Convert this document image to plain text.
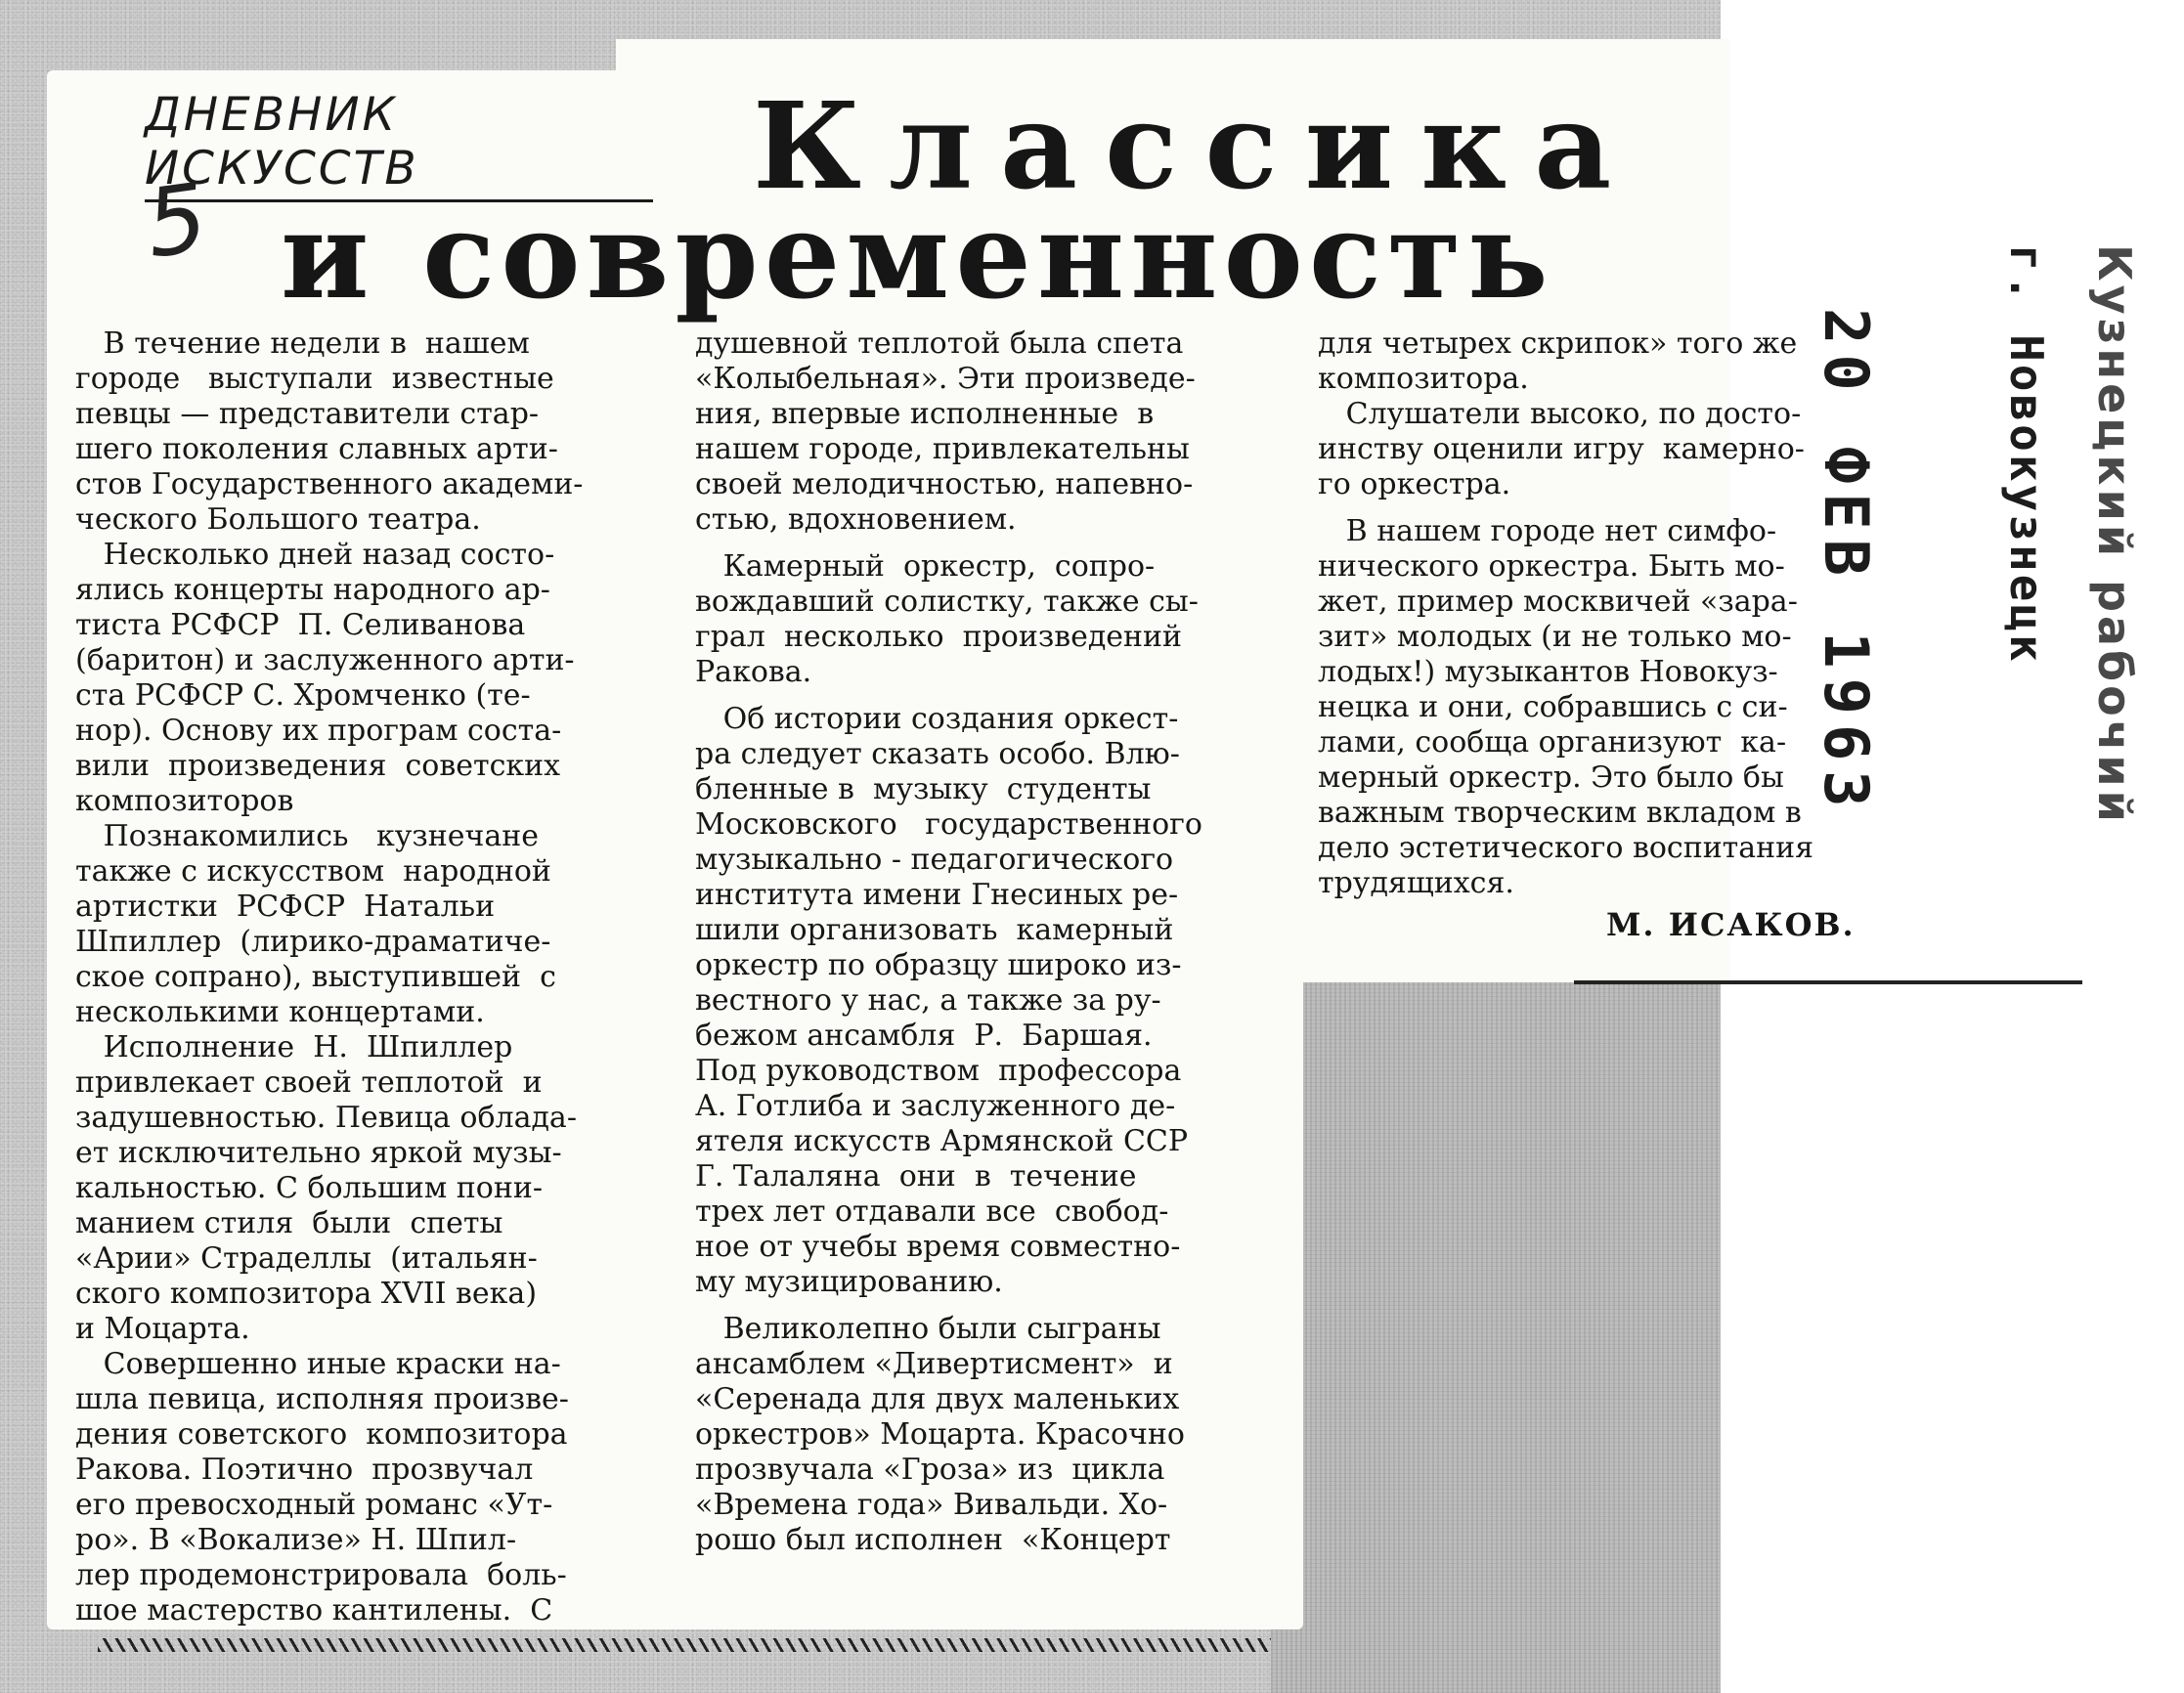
ДНЕВНИК ИСКУССТВ
5
Классика
и современность
В течение недели в  нашем
городе   выступали  известные
певцы — представители стар-
шего поколения славных арти-
стов Государственного академи-
ческого Большого театра.
Несколько дней назад состо-
ялись концерты народного ар-
тиста РСФСР  П. Селиванова
(баритон) и заслуженного арти-
ста РСФСР С. Хромченко (те-
нор). Основу их програм соста-
вили  произведения  советских
композиторов
Познакомились   кузнечане
также с искусством  народной
артистки  РСФСР  Натальи
Шпиллер  (лирико-драматиче-
ское сопрано), выступившей  с
несколькими концертами.
Исполнение  Н.  Шпиллер
привлекает своей теплотой  и
задушевностью. Певица облада-
ет исключительно яркой музы-
кальностью. С большим пони-
манием стиля  были  спеты
«Арии» Страделлы  (итальян-
ского композитора XVII века)
и Моцарта.
Совершенно иные краски на-
шла певица, исполняя произве-
дения советского  композитора
Ракова. Поэтично  прозвучал
его превосходный романс «Ут-
ро». В «Вокализе» Н. Шпил-
лер продемонстрировала  боль-
шое мастерство кантилены.  С
душевной теплотой была спета
«Колыбельная». Эти произведе-
ния, впервые исполненные  в
нашем городе, привлекательны
своей мелодичностью, напевно-
стью, вдохновением.
Камерный  оркестр,  сопро-
вождавший солистку, также сы-
грал  несколько  произведений
Ракова.
Об истории создания оркест-
ра следует сказать особо. Влю-
бленные в  музыку  студенты
Московского   государственного
музыкально - педагогического
института имени Гнесиных ре-
шили организовать  камерный
оркестр по образцу широко из-
вестного у нас, а также за ру-
бежом ансамбля  Р.  Баршая.
Под руководством  профессора
А. Готлиба и заслуженного де-
ятеля искусств Армянской ССР
Г. Талаляна  они  в  течение
трех лет отдавали все  свобод-
ное от учебы время совместно-
му музицированию.
Великолепно были сыграны
ансамблем «Дивертисмент»  и
«Серенада для двух маленьких
оркестров» Моцарта. Красочно
прозвучала «Гроза» из  цикла
«Времена года» Вивальди. Хо-
рошо был исполнен  «Концерт
для четырех скрипок» того же
композитора.
Слушатели высоко, по досто-
инству оценили игру  камерно-
го оркестра.
В нашем городе нет симфо-
нического оркестра. Быть мо-
жет, пример москвичей «зара-
зит» молодых (и не только мо-
лодых!) музыкантов Новокуз-
нецка и они, собравшись с си-
лами, сообща организуют  ка-
мерный оркестр. Это было бы
важным творческим вкладом в
дело эстетического воспитания
трудящихся.
М. ИСАКОВ.
20 ФЕВ 1963	г. Новокузнецк Кузнецкий рабочий
